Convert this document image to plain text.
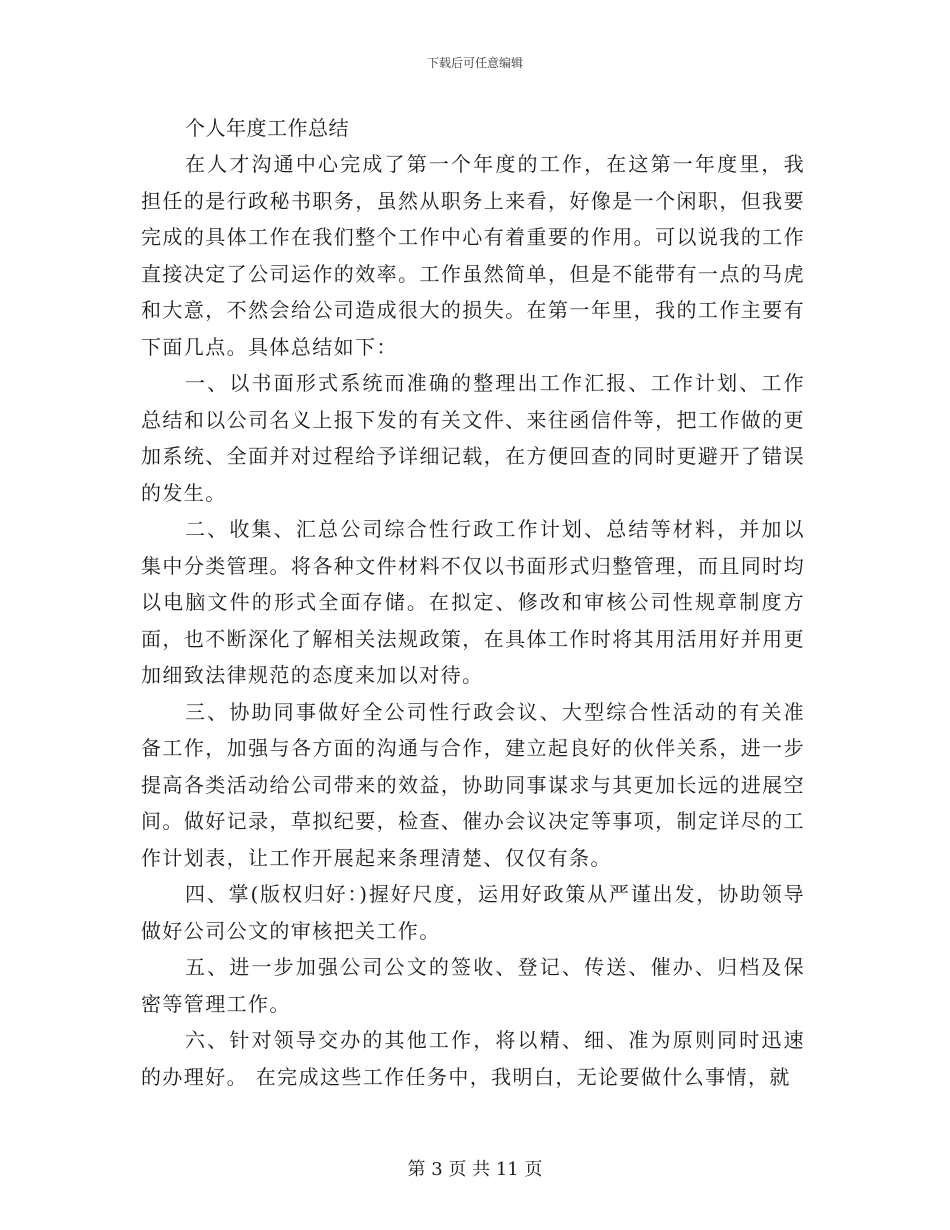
下载后可任意编辑
个人年度工作总结

在人才沟通中心完成了第一个年度的工作，在这第一年度里，我担任的是行政秘书职务，虽然从职务上来看，好像是一个闲职，但我要完成的具体工作在我们整个工作中心有着重要的作用。可以说我的工作直接决定了公司运作的效率。工作虽然简单，但是不能带有一点的马虎和大意，不然会给公司造成很大的损失。在第一年里，我的工作主要有下面几点。具体总结如下：

一、以书面形式系统而准确的整理出工作汇报、工作计划、工作总结和以公司名义上报下发的有关文件、来往函信件等，把工作做的更加系统、全面并对过程给予详细记载，在方便回查的同时更避开了错误的发生。

二、收集、汇总公司综合性行政工作计划、总结等材料，并加以集中分类管理。将各种文件材料不仅以书面形式归整管理，而且同时均以电脑文件的形式全面存储。在拟定、修改和审核公司性规章制度方面，也不断深化了解相关法规政策，在具体工作时将其用活用好并用更加细致法律规范的态度来加以对待。

三、协助同事做好全公司性行政会议、大型综合性活动的有关准备工作，加强与各方面的沟通与合作，建立起良好的伙伴关系，进一步提高各类活动给公司带来的效益，协助同事谋求与其更加长远的进展空间。做好记录，草拟纪要，检查、催办会议决定等事项，制定详尽的工作计划表，让工作开展起来条理清楚、仅仅有条。

四、掌(版权归好：)握好尺度，运用好政策从严谨出发，协助领导做好公司公文的审核把关工作。

五、进一步加强公司公文的签收、登记、传送、催办、归档及保密等管理工作。

六、针对领导交办的其他工作，将以精、细、准为原则同时迅速的办理好。 在完成这些工作任务中，我明白，无论要做什么事情，就

第 3 页 共 11 页
